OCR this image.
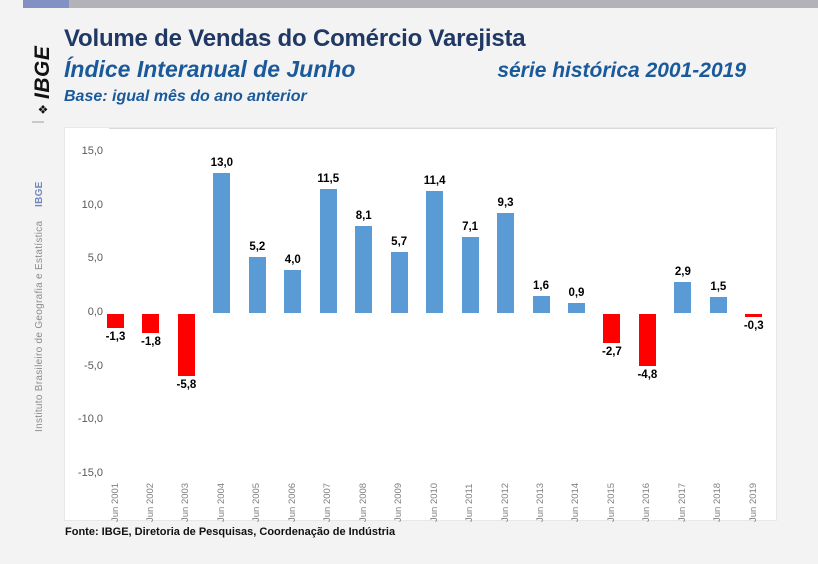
❖
IBGE
Instituto Brasileiro de Geografia e Estatística IBGE
Volume de Vendas do Comércio Varejista
Índice Interanual de Junho	série histórica 2001-2019
Base: igual mês do ano anterior
15,0
10,0
5,0
0,0
-5,0
-10,0
-15,0
-1,3	-1,8
-5,8
13,0
5,2
4,0
11,5
8,1
5,7
11,4
7,1
9,3
1,6
0,9
-2,7
-4,8
2,9
1,5
-0,3
Jun 2001	Jun 2002	Jun 2003	Jun 2004	Jun 2005	Jun 2006	Jun 2007	Jun 2008	Jun 2009	Jun 2010	Jun 2011	Jun 2012	Jun 2013	Jun 2014	Jun 2015	Jun 2016	Jun 2017	Jun 2018	Jun 2019
Fonte: IBGE, Diretoria de Pesquisas, Coordenação de Indústria
